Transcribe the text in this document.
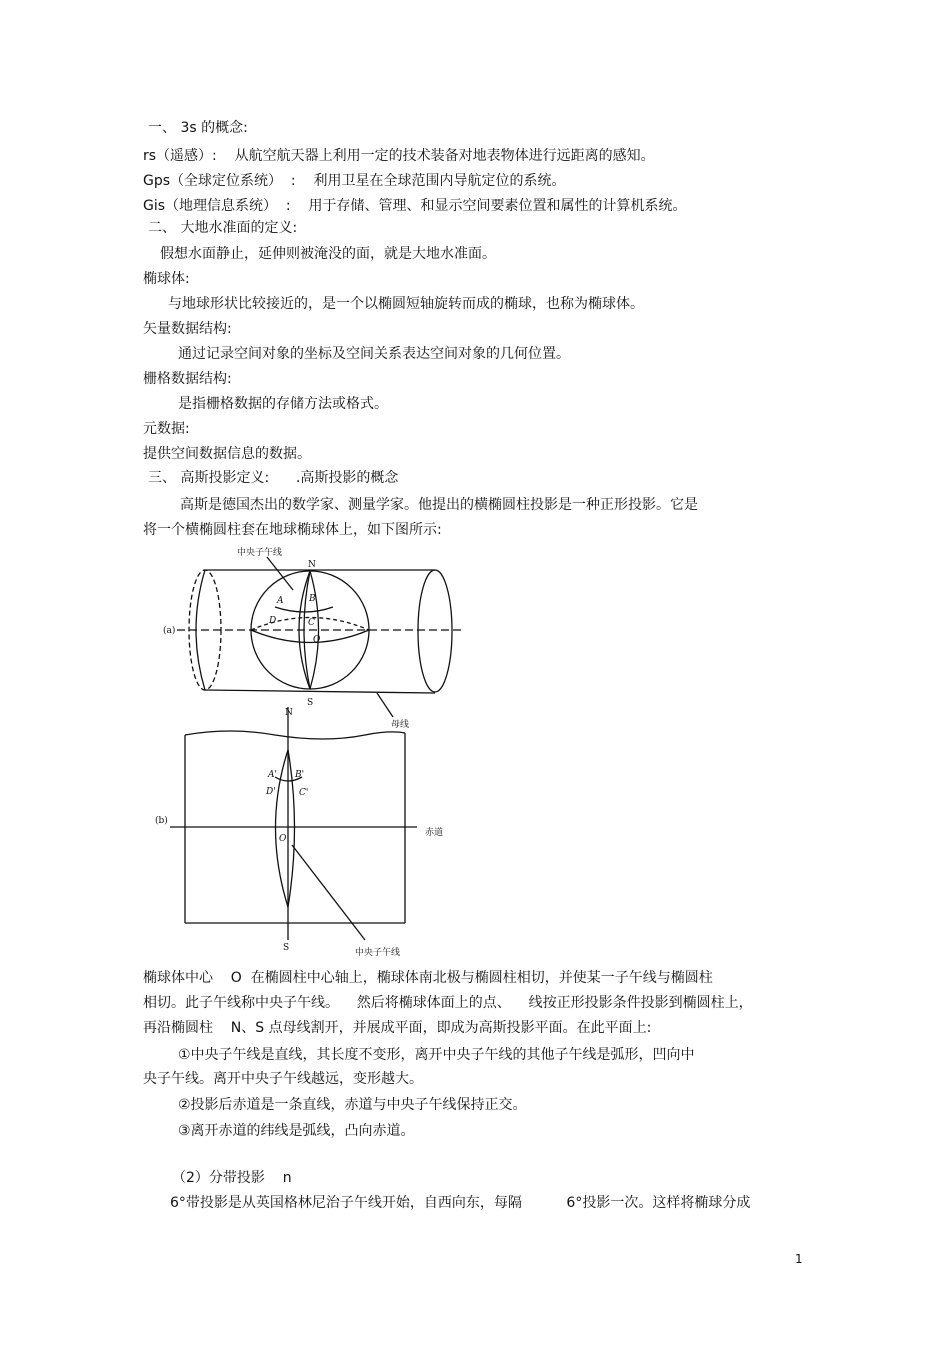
一、 3s 的概念:
rs（遥感）:    从航空航天器上利用一定的技术装备对地表物体进行远距离的感知。
Gps（全球定位系统）  :    利用卫星在全球范围内导航定位的系统。
Gis（地理信息系统）  :    用于存储、管理、和显示空间要素位置和属性的计算机系统。
二、 大地水准面的定义:
假想水面静止，延伸则被淹没的面，就是大地水准面。
椭球体:
与地球形状比较接近的，是一个以椭圆短轴旋转而成的椭球，也称为椭球体。
矢量数据结构:
通过记录空间对象的坐标及空间关系表达空间对象的几何位置。
栅格数据结构:
是指栅格数据的存储方法或格式。
元数据:
提供空间数据信息的数据。
三、 高斯投影定义:      .高斯投影的概念
高斯是德国杰出的数学家、测量学家。他提出的横椭圆柱投影是一种正形投影。它是
将一个横椭圆柱套在地球椭球体上，如下图所示:
中央子午线
N
S
A	B
D	C
O
(a)
母线
N
S
A' B'
D'	C'
O
(b)
赤道
中央子午线
椭球体中心    O  在椭圆柱中心轴上，椭球体南北极与椭圆柱相切，并使某一子午线与椭圆柱
相切。此子午线称中央子午线。    然后将椭球体面上的点、    线按正形投影条件投影到椭圆柱上，
再沿椭圆柱    N、S 点母线割开，并展成平面，即成为高斯投影平面。在此平面上:
①中央子午线是直线，其长度不变形，离开中央子午线的其他子午线是弧形，凹向中
央子午线。离开中央子午线越远，变形越大。
②投影后赤道是一条直线，赤道与中央子午线保持正交。
③离开赤道的纬线是弧线，凸向赤道。
（2）分带投影    n
6°带投影是从英国格林尼治子午线开始，自西向东，每隔          6°投影一次。这样将椭球分成
1
